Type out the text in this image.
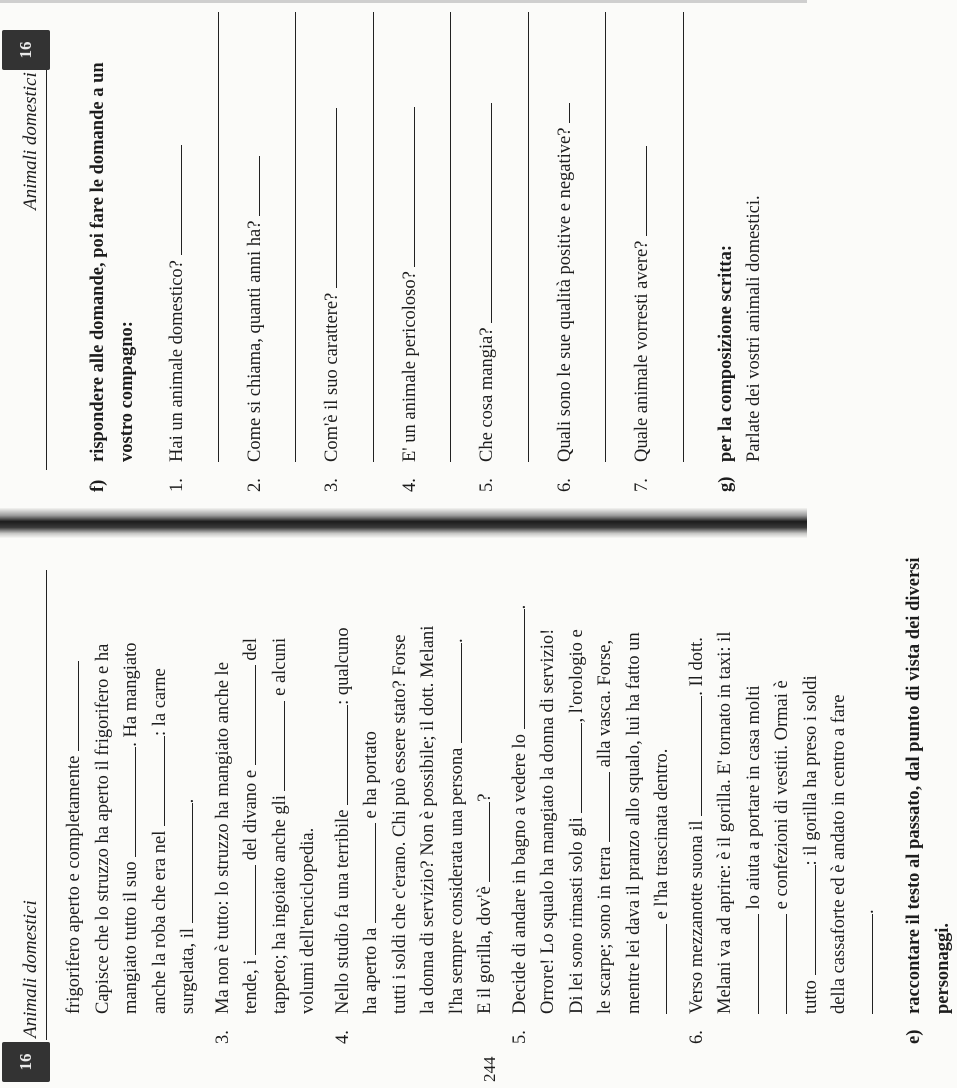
16
Animali domestici
f)
rispondere alle domande, poi fare le domande a un vostro compagno:
1.
Hai un animale domestico?
2.
Come si chiama, quanti anni ha?
3.
Com'è il suo carattere?
4.
E' un animale pericoloso?
5.
Che cosa mangia?
6.
Quali sono le sue qualità positive e negative?
7.
Quale animale vorresti avere?
g)
per la composizione scritta: Parlate dei vostri animali domestici.
244
16
Animali domestici frigorifero aperto e completamente Capisce che lo struzzo ha aperto il frigorifero e ha mangiato tutto il suo . Ha mangiato

anche la roba che era nel : la carne

surgelata, il .

3.

Ma non è tutto: lo struzzo ha mangiato anche le tende, i  del divano e  del

tappeto; ha ingoiato anche gli  e alcuni

volumi dell'enciclopedia.

4.

Nello studio fa una terribile : qualcuno

ha aperto la  e ha portato tutti i soldi che c'erano. Chi può essere stato? Forse la donna di servizio? Non è possibile; il dott. Melani l'ha sempre considerata una persona .

E il gorilla, dov'è ?

5.

Decide di andare in bagno a vedere lo .

Orrore! Lo squalo ha mangiato la donna di servizio! Di lei sono rimasti solo gli , l'orologio e

le scarpe; sono in terra  alla vasca. Forse, mentre lei dava il pranzo allo squalo, lui ha fatto un e l'ha trascinata dentro.

6.

Verso mezzanotte suona il . Il dott. Melani va ad aprire: è il gorilla. E' tornato in taxi: il lo aiuta a portare in casa molti e confezioni di vestiti. Ormai è

tutto : il gorilla ha preso i soldi della cassaforte ed è andato in centro a fare .

e)

raccontare il testo al passato, dal punto di vista dei diversi personaggi.
